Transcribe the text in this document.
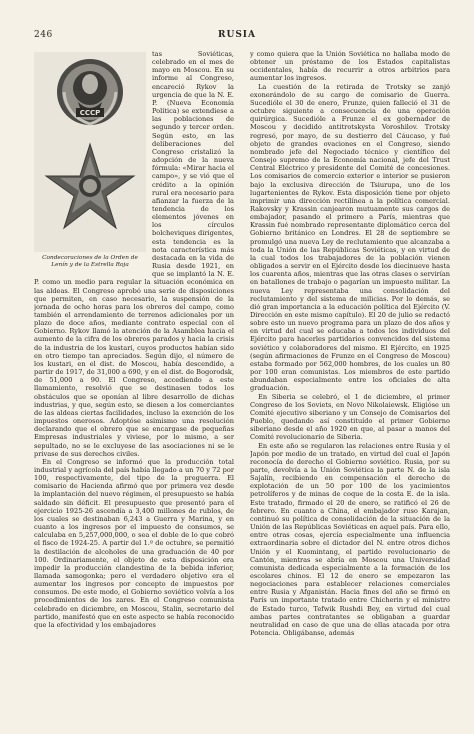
246	RUSIA
CCCP
Condecoraciones de la Orden de Lenín y de la Estrella Roja

tas Soviéticas, celebrado en el mes de mayo en Moscou. En su informe al Congreso, encareció Rykov la urgencia de que la N. E. P. (Nueva Economía Política) se extendiese a las poblaciones de segundo y tercer orden. Según esto, en las deliberaciones del Congreso cristalizó la adopción de la nueva fórmula: «Mirar hacia el campo», y se vió que el crédito a la opinión rural era necesario para afianzar la fuerza de la tendencia de los elementos jóvenes en los círculos bolcheviques dirigentes, esta tendencia es la nota característica más destacada en la vida de Rusia desde 1921, en que se implantó la N. E. P. como un medio para regular la situación económica en las aldeas. El Congreso aprobó una serie de disposiciones que permiten, en caso necesario, la suspensión de la jornada de ocho horas para los obreros del campo, como también el arrendamiento de terrenos adicionales por un plazo de doce años, mediante contrato especial con el Gobierno. Rykov llamó la atención de la Asamblea hacia el aumento de la cifra de los obreros parados y hacia la crisis de la industria de los kustari, cuyos productos habían sido en otro tiempo tan apreciados. Según dijo, el número de los kustari, en el dist. de Moscou, había descendido, a partir de 1917, de 31,000 a 690, y en el dist. de Bogorodsk, de 51,000 a 90. El Congreso, accediendo a este llamamiento, resolvió que se destinasen todos los obstáculos que se oponían al libre desarrollo de dichas industrias, y que, según esto, se diesen a los comerciantes de las aldeas ciertas facilidades, incluso la exención de los impuestos onerosos. Adoptóse asimismo una resolución declarando que el obrero que se encargase de pequeñas Empresas industriales y viviese, por lo mismo, a ser sepultado, no se le excluyese de las asociaciones ni se le privase de sus derechos civiles.

En el Congreso se informó que la producción total industrial y agrícola del país había llegado a un 70 y 72 por 100, respectivamente, del tipo de la preguerra. El comisario de Hacienda afirmó que por primera vez desde la implantación del nuevo régimen, el presupuesto se había saldado sin déficit. El presupuesto que presentó para el ejercicio 1925-26 ascendía a 3,400 millones de rublos, de los cuales se destinaban 6,243 a Guerra y Marina, y en cuanto a los ingresos por el impuesto de consumos, se calculaba en 5,257,000,000, o sea el doble de lo que cobró el fisco de 1924-25. A partir del 1.º de octubre, se permitió la destilación de alcoholes de una graduación de 40 por 100. Ordinariamente, el objeto de esta disposición era impedir la producción clandestina de la bebida inferior, llamada samogonka; pero el verdadero objetivo era el aumentar los ingresos por concepto de impuestos por consumos. De este modo, el Gobierno soviético volvía a los procedimientos de los zares. En el Congreso comunista celebrado en diciembre, en Moscou, Stalin, secretario del partido, manifestó que en este aspecto se había reconocido que la efectividad y los embajadores

y como quiera que la Unión Soviética no hallaba modo de obtener un préstamo de los Estados capitalistas occidentales, había de recurrir a otros arbitrios para aumentar los ingresos.

La cuestión de la retirada de Trotsky se zanjó exonerándolo de su cargo de comisario de Guerra. Sucedióle el 30 de enero, Frunze, quien falleció el 31 de octubre siguiente a consecuencia de una operación quirúrgica. Sucedióle a Frunze el ex gobernador de Moscou y decidido antitrotskysta Voroshilov. Trotsky regresó, por mayo, de su destierro del Cáucaso, y fué objeto de grandes ovaciones en el Congreso, siendo nombrado jefe del Negociado técnico y científico del Consejo supremo de la Economía nacional, jefe del Trust Central Eléctrico y presidente del Comité de concesiones. Los comisarios de comercio exterior e interior se pusieron bajo la exclusiva dirección de Tsiurupa, uno de los lugartenientes de Rykov. Esta disposición tiene por objeto imprimir una dirección rectilínea a la política comercial. Rakovsky y Krassin canjearon mutuamente sus cargos de embajador, pasando el primero a París, mientras que Krassin fué nombrado representante diplomático cerca del Gobierno británico en Londres. El 28 de septiembre se promulgó una nueva Ley de reclutamiento que alcanzaba a toda la Unión de las Repúblicas Soviéticas, y en virtud de la cual todos los trabajadores de la población vienen obligados a servir en el Ejército desde los diecinueve hasta los cuarenta años, mientras que las otras clases o servirían en batallones de trabajo o pagarían un impuesto militar. La nueva Ley representaba una consolidación del reclutamiento y del sistema de milicias. Por lo demás, se dió gran importancia a la educación política del Ejército (V. Dirección en este mismo capítulo). El 20 de julio se redactó sobre esto un nuevo programa para un plazo de dos años y en virtud del cual se educaba a todos los individuos del Ejército para hacerles partidarios convencidos del sistema soviético y colaboradores del mismo. El Ejército, en 1925 (según afirmaciones de Frunze en el Congreso de Moscou) estaba formado por 562,000 hombres, de los cuales un 80 por 100 eran comunistas. Los miembros de este partido abundaban especialmente entre los oficiales de alta graduación.

En Siberia se celebró, el 1 de diciembre, el primer Congreso de los Soviets, en Novo Nikolaiewsk. Eligióse un Comité ejecutivo siberiano y un Consejo de Comisarios del Pueblo, quedando así constituído el primer Gobierno siberiano desde el año 1920 en que, al pasar a manos del Comité revolucionario de Siberia.

En este año se regularon las relaciones entre Rusia y el Japón por medio de un tratado, en virtud del cual el Japón reconocía de derecho el Gobierno soviético. Rusia, por su parte, devolvía a la Unión Soviética la parte N. de la isla Sajalín, recibiendo en compensación el derecho de explotación de un 50 por 100 de los yacimientos petrolíferos y de minas de coque de la costa E. de la isla. Este tratado, firmado el 20 de enero, se ratificó el 26 de febrero. En cuanto a China, el embajador ruso Karajan, continuó su política de consolidación de la situación de la Unión de las Repúblicas Soviéticas en aquel país. Para ello, entre otras cosas, ejercía especialmente una influencia extraordinaria sobre el dictador del N. entre otros dichos Unión y el Kuomintang, el partido revolucionario de Cantón, mientras se abría en Moscou una Universidad comunista dedicada especialmente a la formación de los escolares chinos. El 12 de enero se empezaron las negociaciones para establecer relaciones comerciales entre Rusia y Afganistán. Hacia fines del año se firmó en París un importante tratado entre Chicherin y el ministro de Estado turco, Tefwik Rushdi Bey, en virtud del cual ambas partes contratantes se obligaban a guardar neutralidad en caso de que una de ellas atacada por otra Potencia. Obligábanse, además
